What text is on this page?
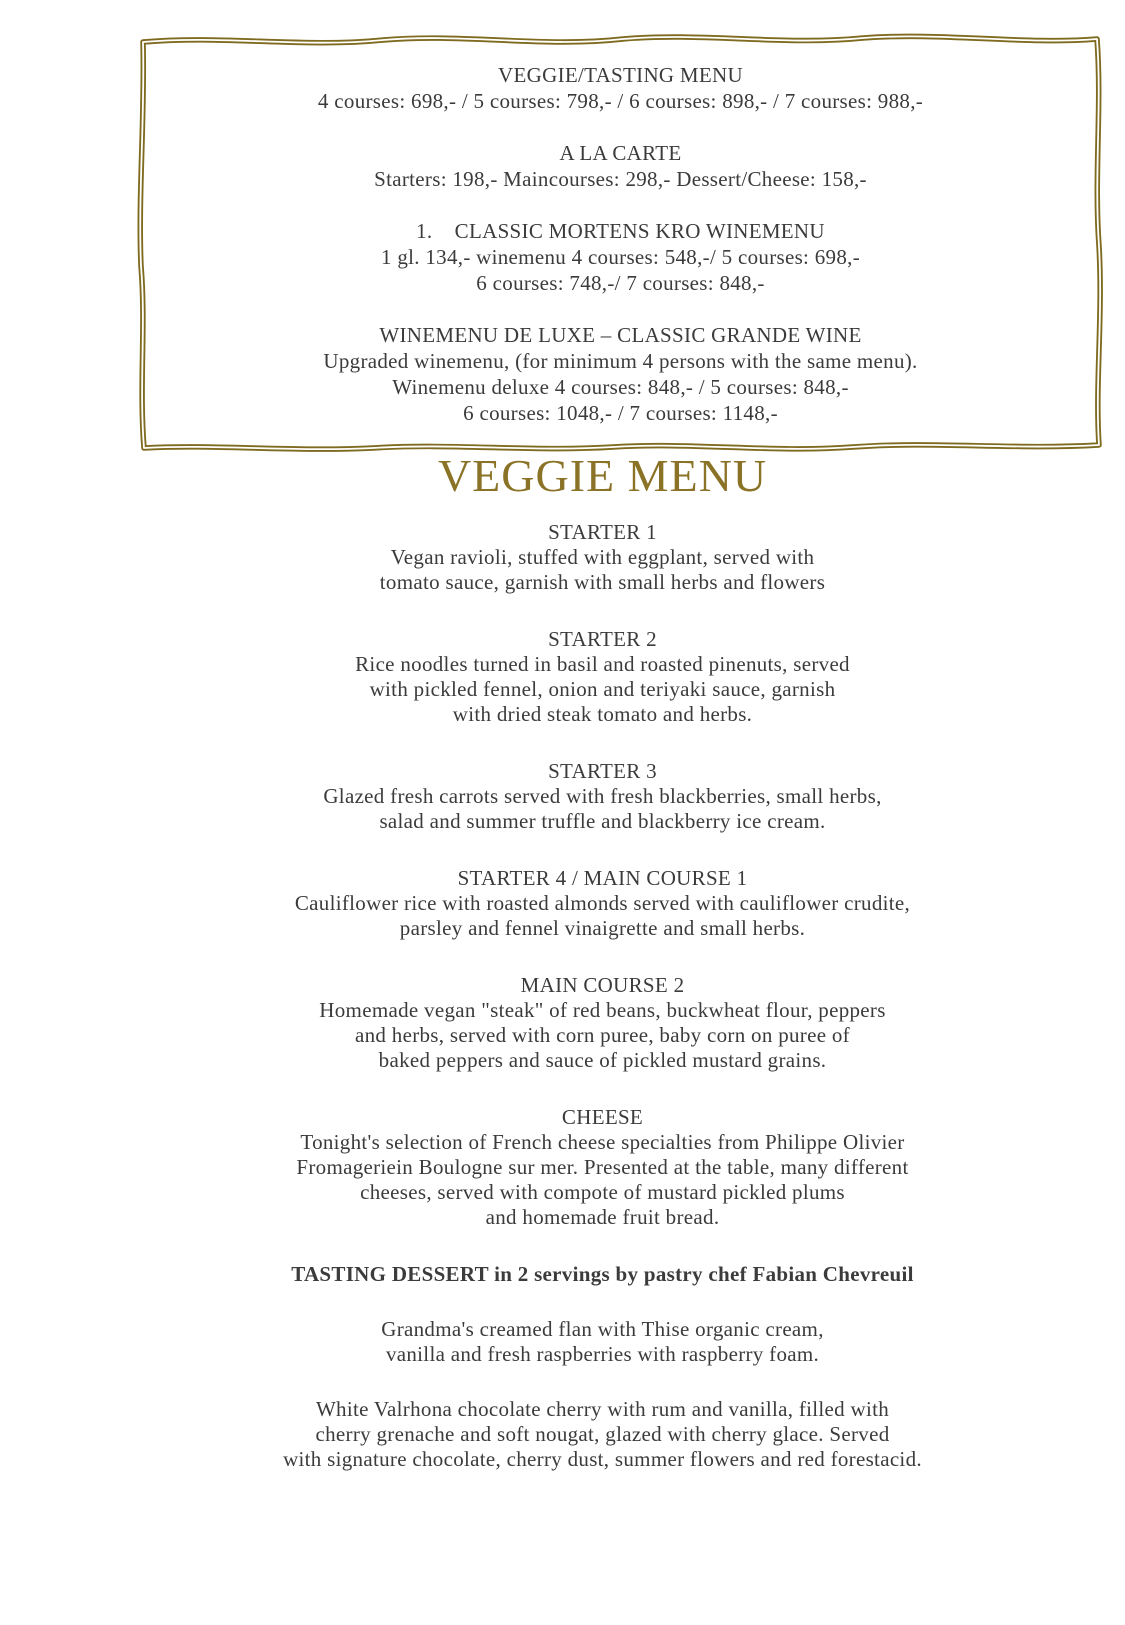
VEGGIE/TASTING MENU
4 courses: 698,- / 5 courses: 798,- / 6 courses: 898,- / 7 courses: 988,-
A LA CARTE
Starters: 198,- Maincourses: 298,- Dessert/Cheese: 158,-
1.    CLASSIC MORTENS KRO WINEMENU
1 gl. 134,- winemenu 4 courses: 548,-/ 5 courses: 698,-
6 courses: 748,-/ 7 courses: 848,-
WINEMENU DE LUXE – CLASSIC GRANDE WINE
Upgraded winemenu, (for minimum 4 persons with the same menu).
Winemenu deluxe 4 courses: 848,- / 5 courses: 848,-
6 courses: 1048,- / 7 courses: 1148,-
VEGGIE MENU
STARTER 1
Vegan ravioli, stuffed with eggplant, served with
tomato sauce, garnish with small herbs and flowers
STARTER 2
Rice noodles turned in basil and roasted pinenuts, served
with pickled fennel, onion and teriyaki sauce, garnish
with dried steak tomato and herbs.
STARTER 3
Glazed fresh carrots served with fresh blackberries, small herbs,
salad and summer truffle and blackberry ice cream.
STARTER 4 / MAIN COURSE 1
Cauliflower rice with roasted almonds served with cauliflower crudite,
parsley and fennel vinaigrette and small herbs.
MAIN COURSE 2
Homemade vegan "steak" of red beans, buckwheat flour, peppers
and herbs, served with corn puree, baby corn on puree of
baked peppers and sauce of pickled mustard grains.
CHEESE
Tonight's selection of French cheese specialties from Philippe Olivier
Fromageriein Boulogne sur mer. Presented at the table, many different
cheeses, served with compote of mustard pickled plums
and homemade fruit bread.
TASTING DESSERT in 2 servings by pastry chef Fabian Chevreuil
Grandma's creamed flan with Thise organic cream,
vanilla and fresh raspberries with raspberry foam.
White Valrhona chocolate cherry with rum and vanilla, filled with
cherry grenache and soft nougat, glazed with cherry glace. Served
with signature chocolate, cherry dust, summer flowers and red forestacid.
